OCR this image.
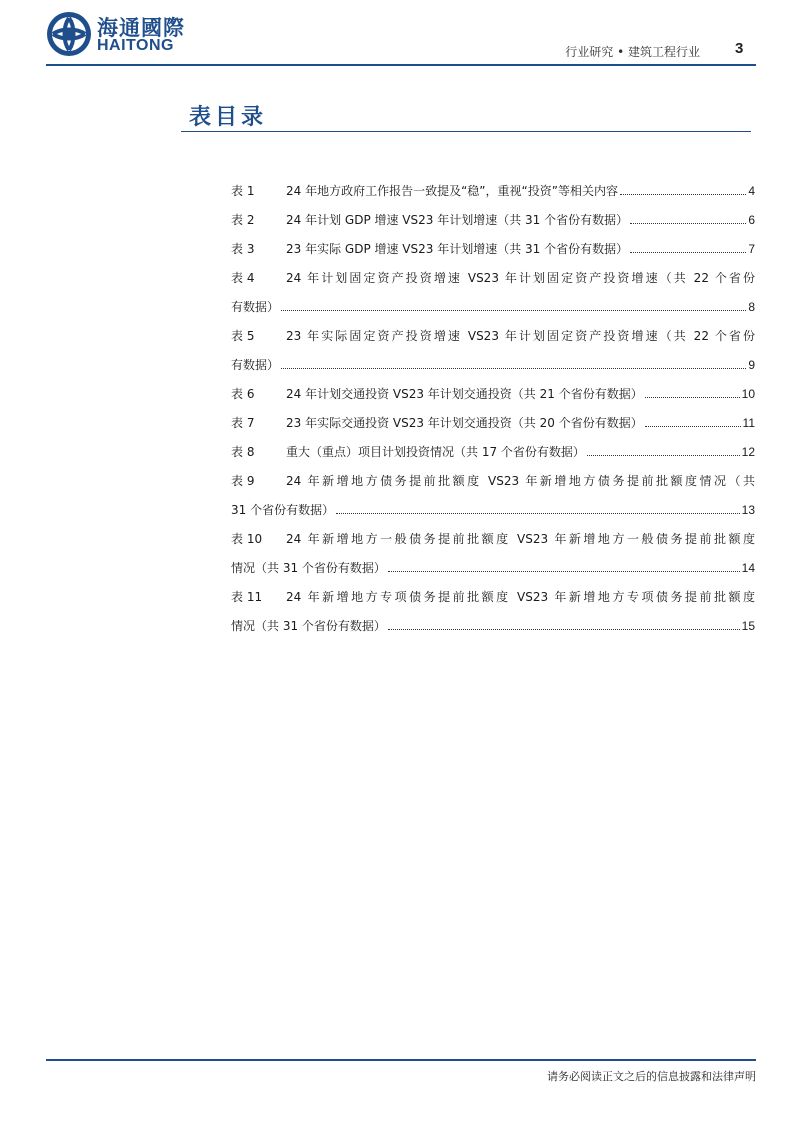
海通國際
HAITONG	行业研究 • 建筑工程行业 3
表目录
表 1	24 年地方政府工作报告一致提及“稳”，重视“投资”等相关内容	4
表 2	24 年计划 GDP 增速 VS23 年计划增速（共 31 个省份有数据）	6
表 3	23 年实际 GDP 增速 VS23 年计划增速（共 31 个省份有数据）	7
表 4	24 年计划固定资产投资增速 VS23 年计划固定资产投资增速（共 22 个省份
有数据）	8
表 5	23 年实际固定资产投资增速 VS23 年计划固定资产投资增速（共 22 个省份
有数据）	9
表 6	24 年计划交通投资 VS23 年计划交通投资（共 21 个省份有数据）	10
表 7	23 年实际交通投资 VS23 年计划交通投资（共 20 个省份有数据）	11
表 8	重大（重点）项目计划投资情况（共 17 个省份有数据）	12
表 9	24 年新增地方债务提前批额度 VS23 年新增地方债务提前批额度情况（共
31 个省份有数据）	13
表 10	24 年新增地方一般债务提前批额度 VS23 年新增地方一般债务提前批额度
情况（共 31 个省份有数据）	14
表 11	24 年新增地方专项债务提前批额度 VS23 年新增地方专项债务提前批额度
情况（共 31 个省份有数据）	15
请务必阅读正文之后的信息披露和法律声明
